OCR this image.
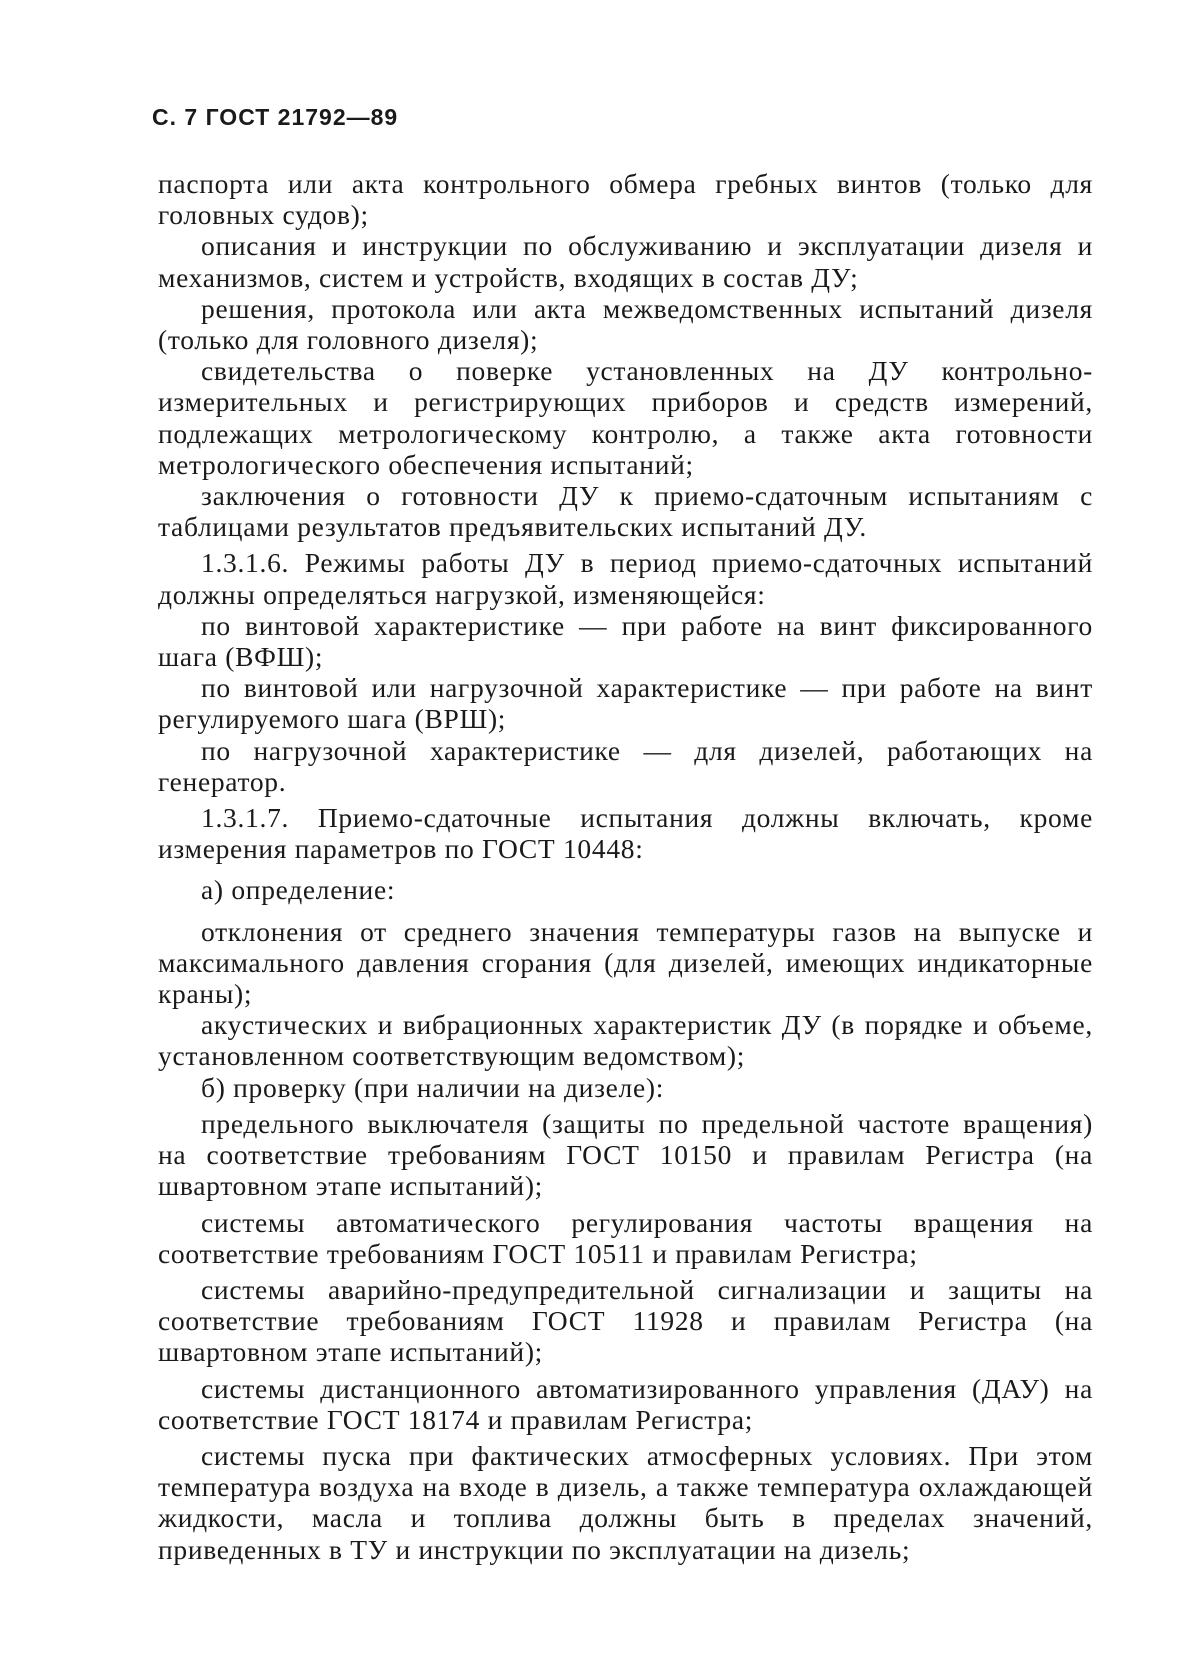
С. 7 ГОСТ 21792—89

паспорта или акта контрольного обмера гребных винтов (только для головных судов);

описания и инструкции по обслуживанию и эксплуатации дизеля и механизмов, систем и устройств, входящих в состав ДУ;

решения, протокола или акта межведомственных испытаний дизеля (только для головного дизеля);

свидетельства о поверке установленных на ДУ контрольно-измерительных и регистрирующих приборов и средств измерений, подлежащих метрологическому контролю, а также акта готовности метрологического обеспечения испытаний;

заключения о готовности ДУ к приемо-сдаточным испытаниям с таблицами результатов предъявительских испытаний ДУ.

1.3.1.6. Режимы работы ДУ в период приемо-сдаточных испытаний должны определяться нагрузкой, изменяющейся:

по винтовой характеристике — при работе на винт фиксированного шага (ВФШ);

по винтовой или нагрузочной характеристике — при работе на винт регулируемого шага (ВРШ);

по нагрузочной характеристике — для дизелей, работающих на генератор.

1.3.1.7. Приемо-сдаточные испытания должны включать, кроме измерения параметров по ГОСТ 10448:

а) определение:

отклонения от среднего значения температуры газов на выпуске и максимального давления сгорания (для дизелей, имеющих индикаторные краны);

акустических и вибрационных характеристик ДУ (в порядке и объеме, установленном соответствующим ведомством);

б) проверку (при наличии на дизеле):

предельного выключателя (защиты по предельной частоте вращения) на соответствие требованиям ГОСТ 10150 и правилам Регистра (на швартовном этапе испытаний);

системы автоматического регулирования частоты вращения на соответствие требованиям ГОСТ 10511 и правилам Регистра;

системы аварийно-предупредительной сигнализации и защиты на соответствие требованиям ГОСТ 11928 и правилам Регистра (на швартовном этапе испытаний);

системы дистанционного автоматизированного управления (ДАУ) на соответствие ГОСТ 18174 и правилам Регистра;

системы пуска при фактических атмосферных условиях. При этом температура воздуха на входе в дизель, а также температура охлаждающей жидкости, масла и топлива должны быть в пределах значений, приведенных в ТУ и инструкции по эксплуатации на дизель;
